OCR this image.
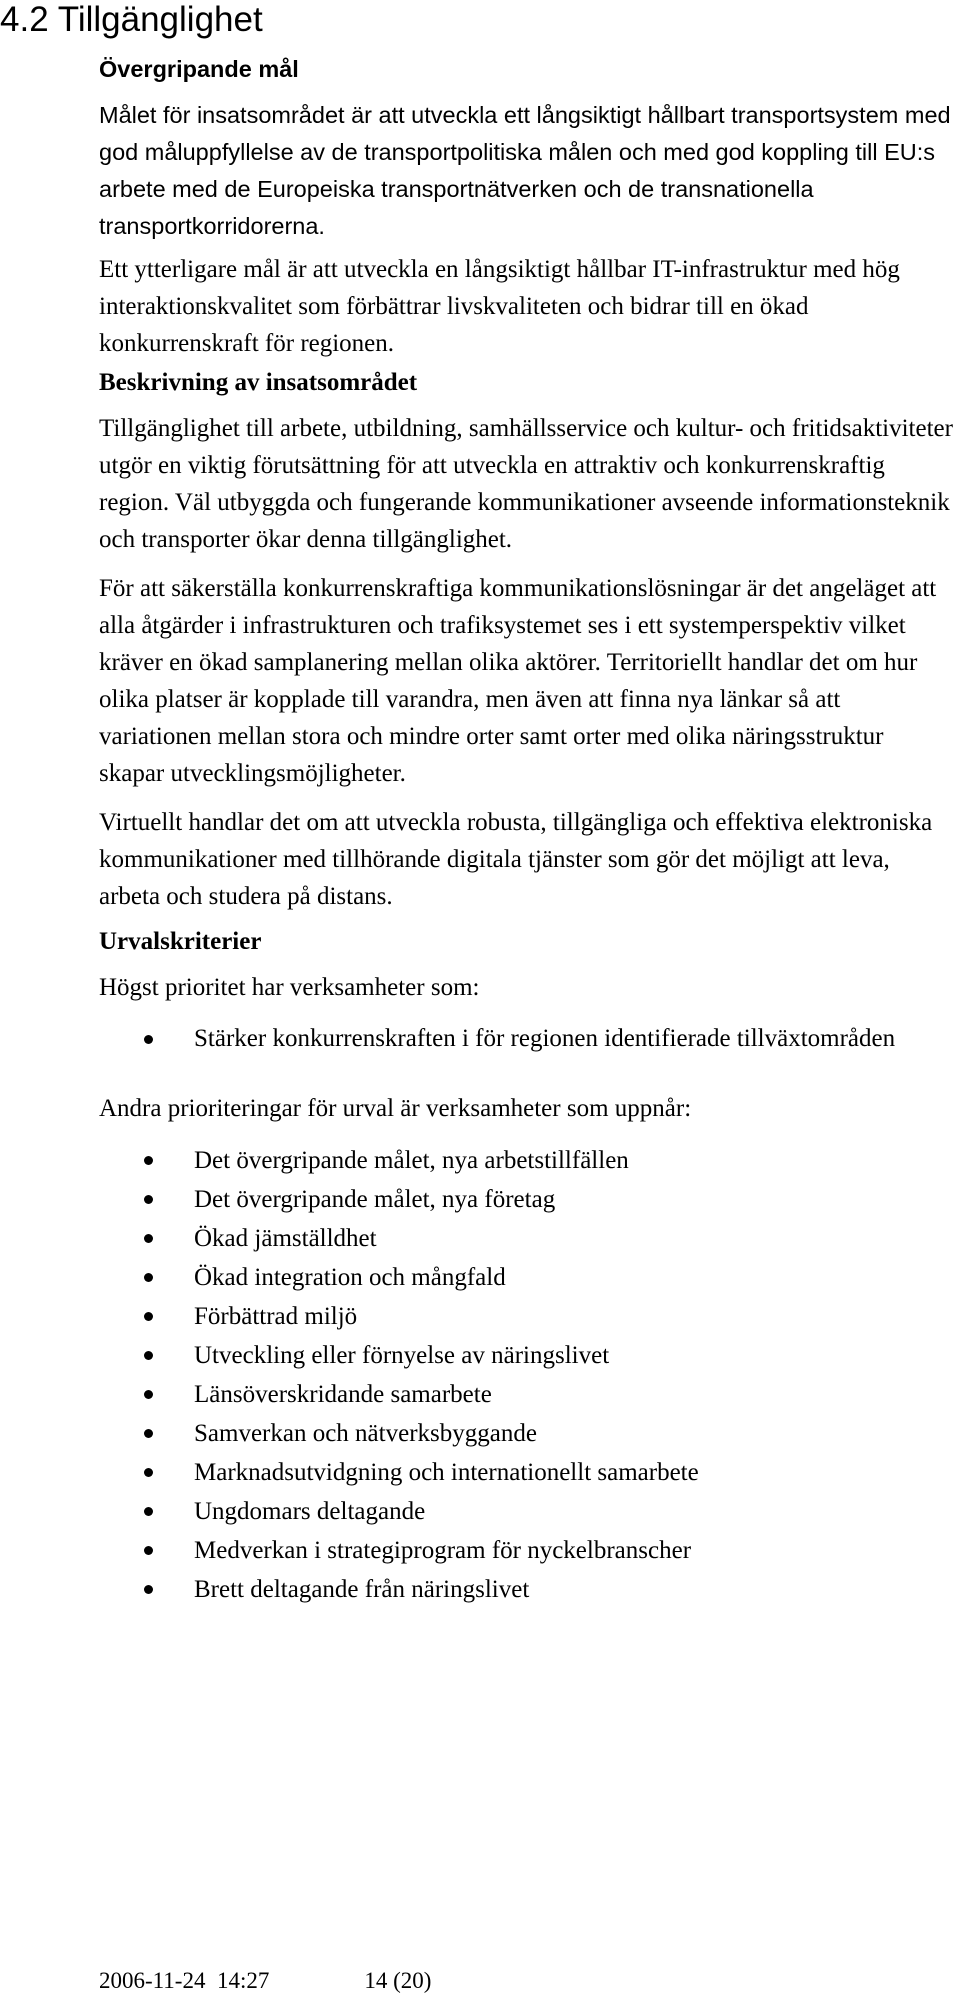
4.2 Tillgänglighet

Övergripande mål

Målet för insatsområdet är att utveckla ett långsiktigt hållbart transportsystem med god måluppfyllelse av de transportpolitiska målen och med god koppling till EU:s arbete med de Europeiska transportnätverken och de transnationella transportkorridorerna.

Ett ytterligare mål är att utveckla en långsiktigt hållbar IT-infrastruktur med hög interaktionskvalitet som förbättrar livskvaliteten och bidrar till en ökad konkurrenskraft för regionen.

Beskrivning av insatsområdet

Tillgänglighet till arbete, utbildning, samhällsservice och kultur- och fritidsaktiviteter utgör en viktig förutsättning för att utveckla en attraktiv och konkurrenskraftig region. Väl utbyggda och fungerande kommunikationer avseende informationsteknik och transporter ökar denna tillgänglighet.

För att säkerställa konkurrenskraftiga kommunikationslösningar är det angeläget att alla åtgärder i infrastrukturen och trafiksystemet ses i ett systemperspektiv vilket kräver en ökad samplanering mellan olika aktörer. Territoriellt handlar det om hur olika platser är kopplade till varandra, men även att finna nya länkar så att variationen mellan stora och mindre orter samt orter med olika näringsstruktur skapar utvecklingsmöjligheter.

Virtuellt handlar det om att utveckla robusta, tillgängliga och effektiva elektroniska kommunikationer med tillhörande digitala tjänster som gör det möjligt att leva, arbeta och studera på distans.

Urvalskriterier

Högst prioritet har verksamheter som:

Stärker konkurrenskraften i för regionen identifierade tillväxtområden

Andra prioriteringar för urval är verksamheter som uppnår:

Det övergripande målet, nya arbetstillfällen
Det övergripande målet, nya företag
Ökad jämställdhet
Ökad integration och mångfald
Förbättrad miljö
Utveckling eller förnyelse av näringslivet
Länsöverskridande samarbete
Samverkan och nätverksbyggande
Marknadsutvidgning och internationellt samarbete
Ungdomars deltagande
Medverkan i strategiprogram för nyckelbranscher
Brett deltagande från näringslivet
2006-11-24  14:27	14 (20)
